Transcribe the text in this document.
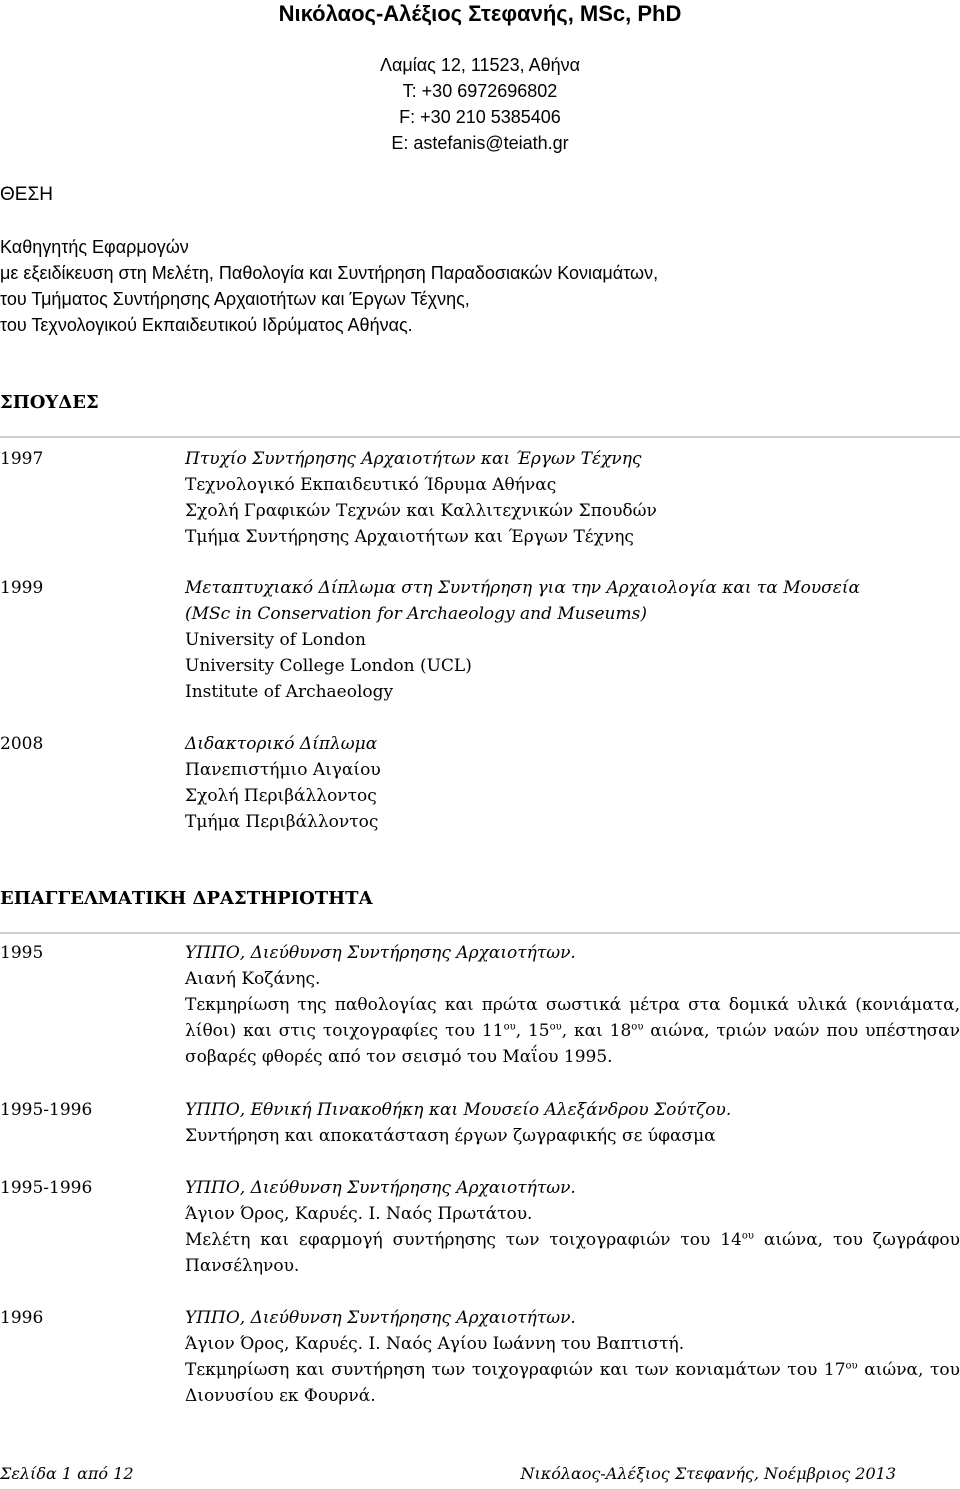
Νικόλαος-Αλέξιος Στεφανής, MSc, PhD
Λαμίας 12, 11523, Αθήνα
T: +30 6972696802
F: +30 210 5385406
E: astefanis@teiath.gr
ΘΕΣΗ
Καθηγητής Εφαρμογών
με εξειδίκευση στη Μελέτη, Παθολογία και Συντήρηση Παραδοσιακών Κονιαμάτων,
του Τμήματος Συντήρησης Αρχαιοτήτων και Έργων Τέχνης,
του Τεχνολογικού Εκπαιδευτικού Ιδρύματος Αθήνας.
ΣΠΟΥΔΕΣ
1997	Πτυχίο Συντήρησης Αρχαιοτήτων και Έργων Τέχνης
Τεχνολογικό Εκπαιδευτικό Ίδρυμα Αθήνας
Σχολή Γραφικών Τεχνών και Καλλιτεχνικών Σπουδών
Τμήμα Συντήρησης Αρχαιοτήτων και Έργων Τέχνης
1999	Μεταπτυχιακό Δίπλωμα στη Συντήρηση για την Αρχαιολογία και τα Μουσεία
(MSc in Conservation for Archaeology and Museums)
University of London
University College London (UCL)
Institute of Archaeology
2008	Διδακτορικό Δίπλωμα
Πανεπιστήμιο Αιγαίου
Σχολή Περιβάλλοντος
Τμήμα Περιβάλλοντος
ΕΠΑΓΓΕΛΜΑΤΙΚΗ ΔΡΑΣΤΗΡΙΟΤΗΤΑ
1995	ΥΠΠΟ, Διεύθυνση Συντήρησης Αρχαιοτήτων.
Αιανή Κοζάνης.
Τεκμηρίωση της παθολογίας και πρώτα σωστικά μέτρα στα δομικά υλικά (κονιάματα, λίθοι) και στις τοιχογραφίες του $11^{o\upsilon}$, $15^{o\upsilon}$, και $18^{o\upsilon}$ αιώνα, τριών ναών που υπέστησαν σοβαρές φθορές από τον σεισμό του Μαΐου 1995.
1995-1996	ΥΠΠΟ, Εθνική Πινακοθήκη και Μουσείο Αλεξάνδρου Σούτζου.
Συντήρηση και αποκατάσταση έργων ζωγραφικής σε ύφασμα
1995-1996	ΥΠΠΟ, Διεύθυνση Συντήρησης Αρχαιοτήτων.
Άγιον Όρος, Καρυές. Ι. Ναός Πρωτάτου.
Μελέτη και εφαρμογή συντήρησης των τοιχογραφιών του $14^{o\upsilon}$ αιώνα, του ζωγράφου Πανσέληνου.
1996	ΥΠΠΟ, Διεύθυνση Συντήρησης Αρχαιοτήτων.
Άγιον Όρος, Καρυές. Ι. Ναός Αγίου Ιωάννη του Βαπτιστή.
Τεκμηρίωση και συντήρηση των τοιχογραφιών και των κονιαμάτων του $17^{o\upsilon}$ αιώνα, του Διονυσίου εκ Φουρνά.
Σελίδα 1 από 12	Νικόλαος-Αλέξιος Στεφανής, Νοέμβριος 2013
